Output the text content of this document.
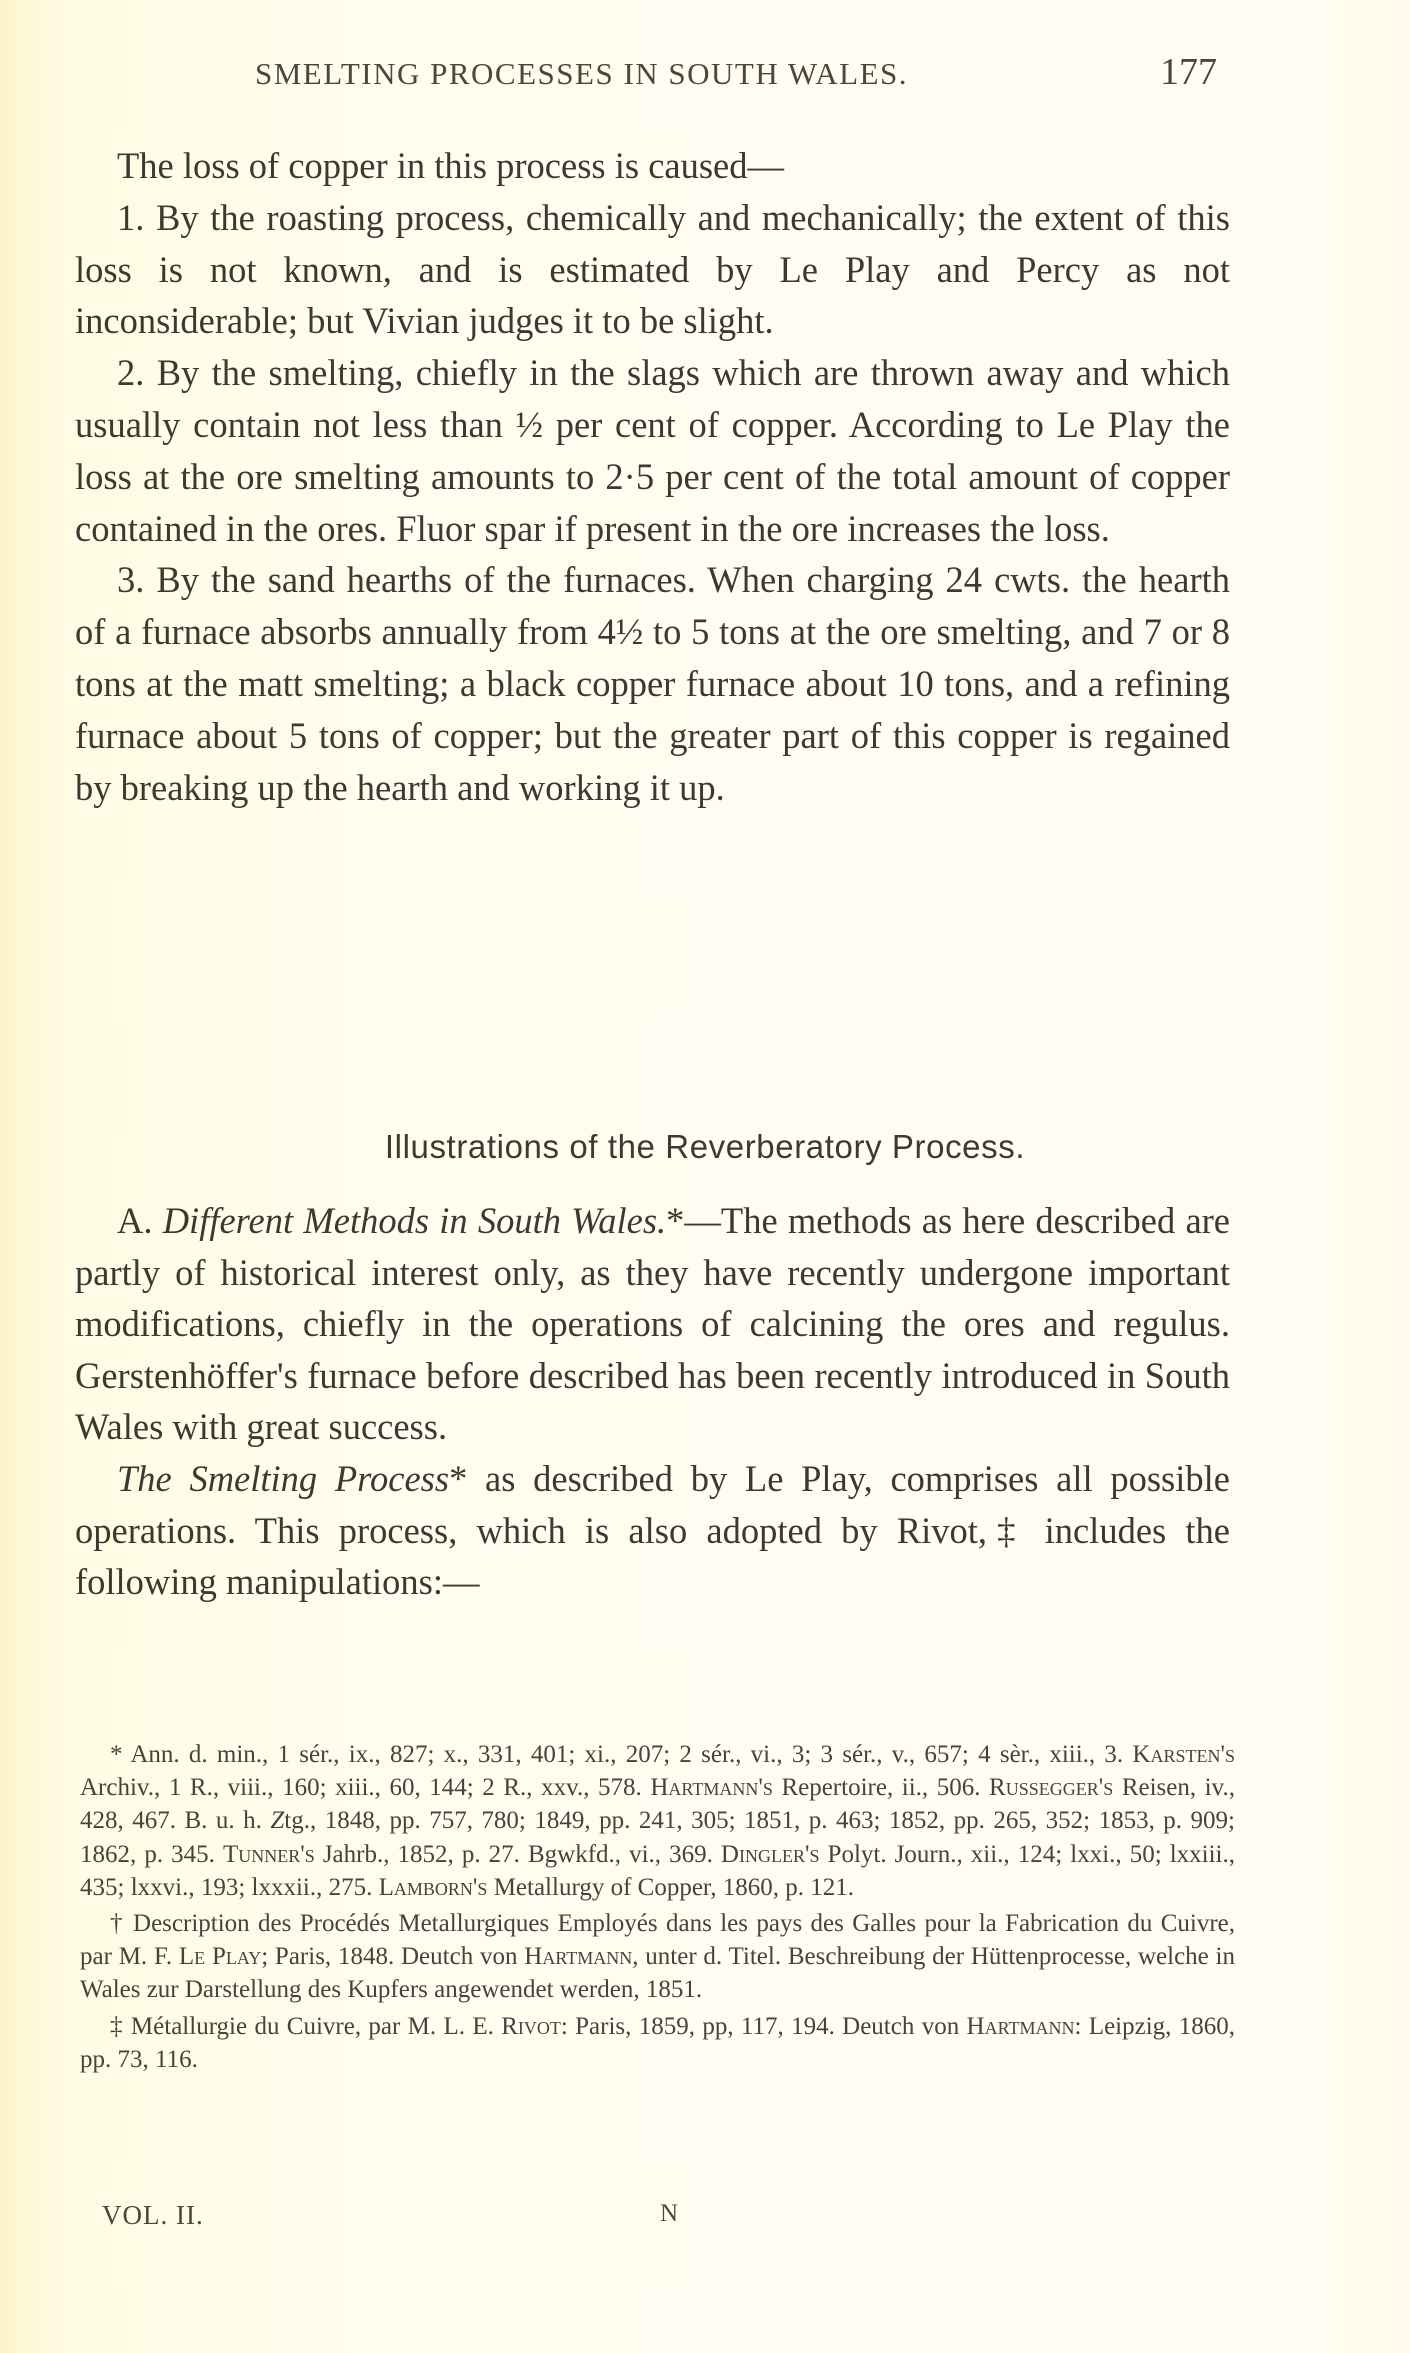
SMELTING PROCESSES IN SOUTH WALES.	177

The loss of copper in this process is caused—

1. By the roasting process, chemically and mechanically; the extent of this loss is not known, and is estimated by Le Play and Percy as not inconsiderable; but Vivian judges it to be slight.

2. By the smelting, chiefly in the slags which are thrown away and which usually contain not less than ½ per cent of copper. According to Le Play the loss at the ore smelting amounts to 2·5 per cent of the total amount of copper contained in the ores. Fluor spar if present in the ore increases the loss.

3. By the sand hearths of the furnaces. When charging 24 cwts. the hearth of a furnace absorbs annually from 4½ to 5 tons at the ore smelting, and 7 or 8 tons at the matt smelting; a black copper furnace about 10 tons, and a refining furnace about 5 tons of copper; but the greater part of this copper is regained by breaking up the hearth and working it up.

Illustrations of the Reverberatory Process.

A. Different Methods in South Wales.*—The methods as here described are partly of historical interest only, as they have recently undergone important modifications, chiefly in the operations of calcining the ores and regulus. Gerstenhöffer's furnace before described has been recently introduced in South Wales with great success.

The Smelting Process* as described by Le Play, comprises all possible operations. This process, which is also adopted by Rivot,‡ includes the following manipulations:—

* Ann. d. min., 1 sér., ix., 827; x., 331, 401; xi., 207; 2 sér., vi., 3; 3 sér., v., 657; 4 sèr., xiii., 3. Karsten's Archiv., 1 R., viii., 160; xiii., 60, 144; 2 R., xxv., 578. Hartmann's Repertoire, ii., 506. Russegger's Reisen, iv., 428, 467. B. u. h. Ztg., 1848, pp. 757, 780; 1849, pp. 241, 305; 1851, p. 463; 1852, pp. 265, 352; 1853, p. 909; 1862, p. 345. Tunner's Jahrb., 1852, p. 27. Bgwkfd., vi., 369. Dingler's Polyt. Journ., xii., 124; lxxi., 50; lxxiii., 435; lxxvi., 193; lxxxii., 275. Lamborn's Metallurgy of Copper, 1860, p. 121.

† Description des Procédés Metallurgiques Employés dans les pays des Galles pour la Fabrication du Cuivre, par M. F. Le Play; Paris, 1848. Deutch von Hartmann, unter d. Titel. Beschreibung der Hüttenprocesse, welche in Wales zur Darstellung des Kupfers angewendet werden, 1851.

‡ Métallurgie du Cuivre, par M. L. E. Rivot: Paris, 1859, pp, 117, 194. Deutch von Hartmann: Leipzig, 1860, pp. 73, 116.

VOL. II.	N
